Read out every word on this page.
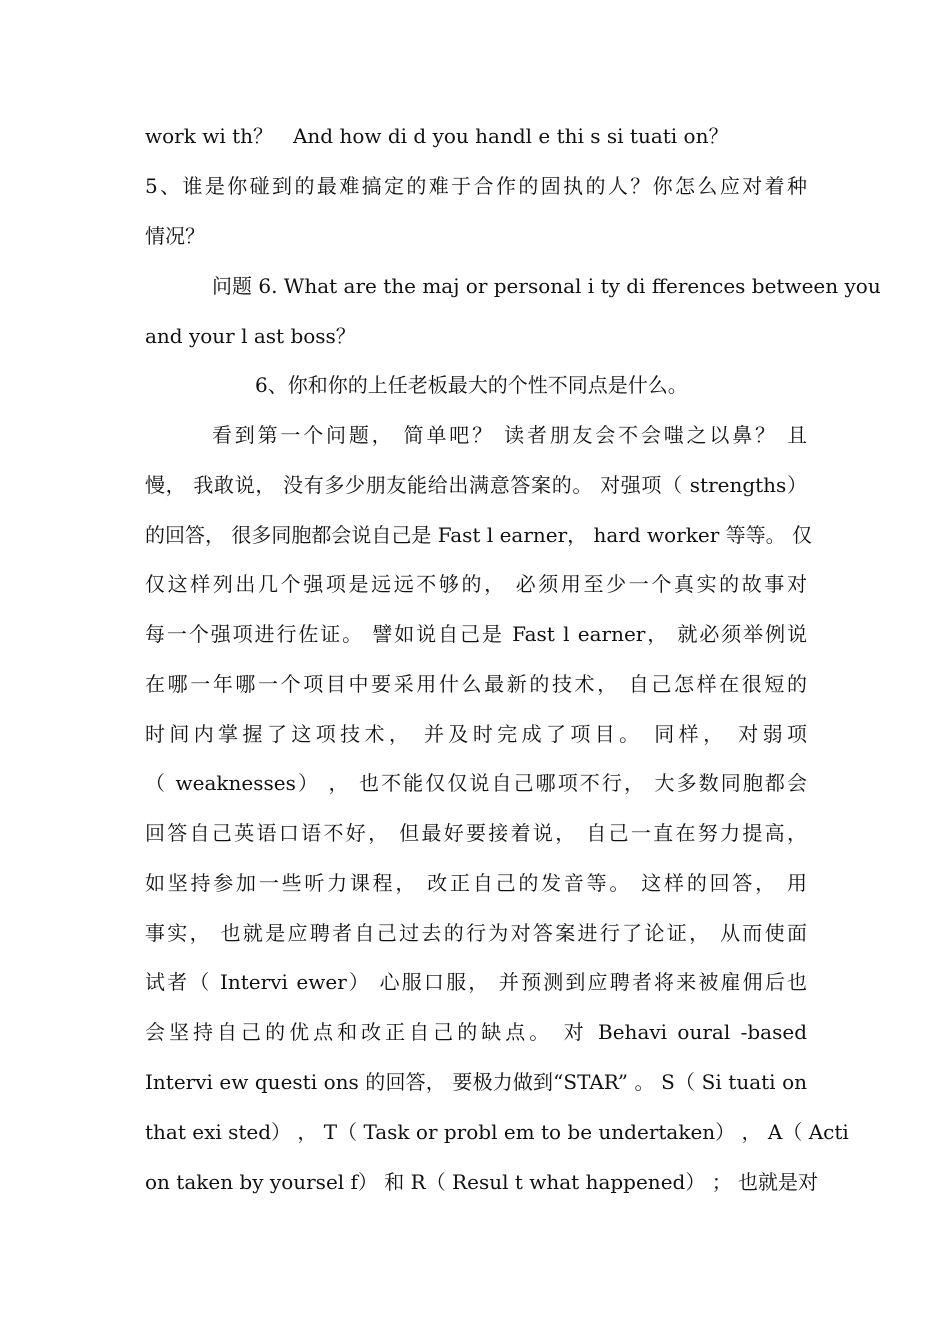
work wi th？　And how di d you handl e thi s si tuati on？
5、谁是你碰到的最难搞定的难于合作的固执的人？你怎么应对着种
情况？
问题 6. What are the maj or personal i ty di fferences between you
and your l ast boss？
6、你和你的上任老板最大的个性不同点是什么。
看到第一个问题， 简单吧？ 读者朋友会不会嗤之以鼻？ 且
慢， 我敢说， 没有多少朋友能给出满意答案的。 对强项（ strengths）
的回答， 很多同胞都会说自己是 Fast l earner， hard worker 等等。 仅
仅这样列出几个强项是远远不够的， 必须用至少一个真实的故事对
每一个强项进行佐证。 譬如说自己是 Fast l earner， 就必须举例说
在哪一年哪一个项目中要采用什么最新的技术， 自己怎样在很短的
时间内掌握了这项技术， 并及时完成了项目。 同样， 对弱项
（ weaknesses） ， 也不能仅仅说自己哪项不行， 大多数同胞都会
回答自己英语口语不好， 但最好要接着说， 自己一直在努力提高，
如坚持参加一些听力课程， 改正自己的发音等。 这样的回答， 用
事实， 也就是应聘者自己过去的行为对答案进行了论证， 从而使面
试者（ Intervi ewer） 心服口服， 并预测到应聘者将来被雇佣后也
会坚持自己的优点和改正自己的缺点。 对 Behavi oural -based
Intervi ew questi ons 的回答， 要极力做到“STAR” 。 S（ Si tuati on
that exi sted） ， T（ Task or probl em to be undertaken） ， A（ Acti
on taken by yoursel f） 和 R（ Resul t what happened） ； 也就是对
